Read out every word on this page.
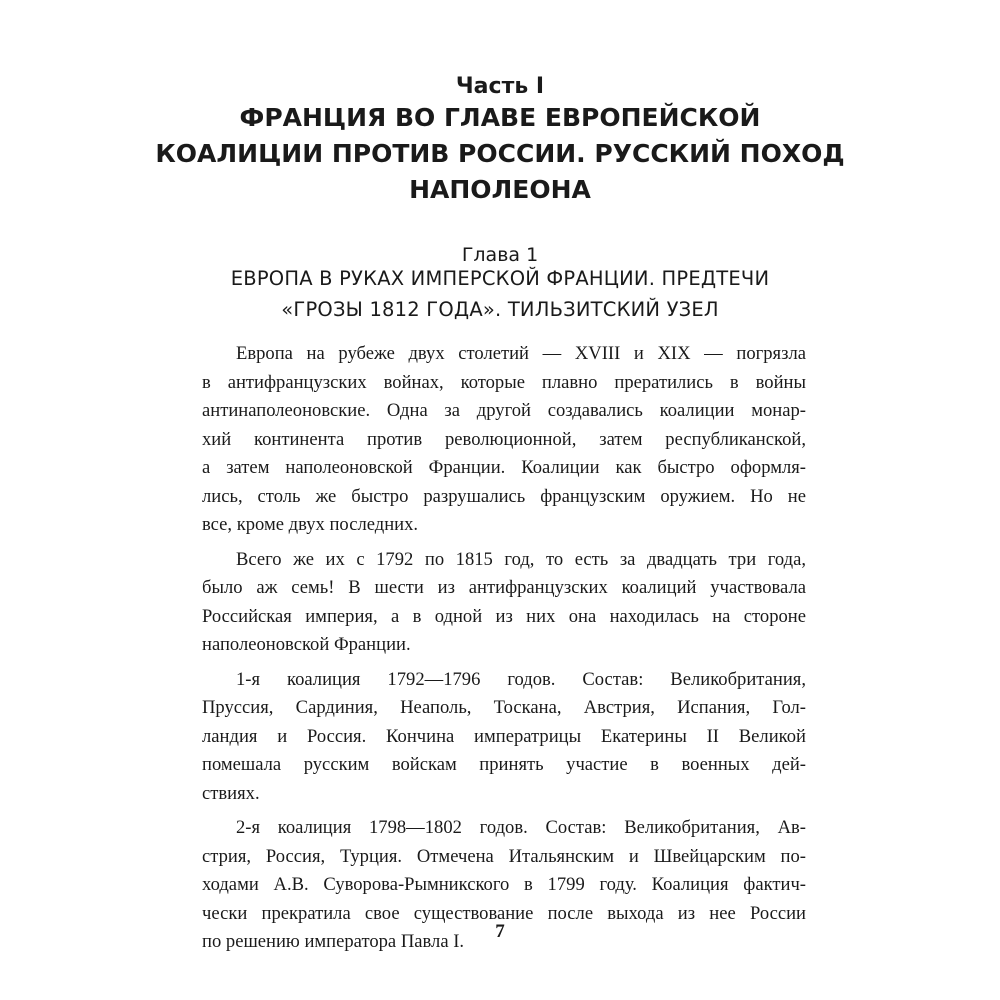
Часть I
ФРАНЦИЯ ВО ГЛАВЕ ЕВРОПЕЙСКОЙ
КОАЛИЦИИ ПРОТИВ РОССИИ. РУССКИЙ ПОХОД
НАПОЛЕОНА
Глава 1
ЕВРОПА В РУКАХ ИМПЕРСКОЙ ФРАНЦИИ. ПРЕДТЕЧИ
«ГРОЗЫ 1812 ГОДА». ТИЛЬЗИТСКИЙ УЗЕЛ
Европа на рубеже двух столетий — XVIII и XIX — погрязла
в антифранцузских войнах, которые плавно прератились в войны
антинаполеоновские. Одна за другой создавались коалиции монар-
хий континента против революционной, затем республиканской,
а затем наполеоновской Франции. Коалиции как быстро оформля-
лись, столь же быстро разрушались французским оружием. Но не
все, кроме двух последних.
Всего же их с 1792 по 1815 год, то есть за двадцать три года,
было аж семь! В шести из антифранцузских коалиций участвовала
Российская империя, а в одной из них она находилась на стороне
наполеоновской Франции.
1-я коалиция 1792—1796 годов. Состав: Великобритания,
Пруссия, Сардиния, Неаполь, Тоскана, Австрия, Испания, Гол-
ландия и Россия. Кончина императрицы Екатерины II Великой
помешала русским войскам принять участие в военных дей-
ствиях.
2-я коалиция 1798—1802 годов. Состав: Великобритания, Ав-
стрия, Россия, Турция. Отмечена Итальянским и Швейцарским по-
ходами А.В. Суворова-Рымникского в 1799 году. Коалиция фактич-
чески прекратила свое существование после выхода из нее России
по решению императора Павла I.	7
